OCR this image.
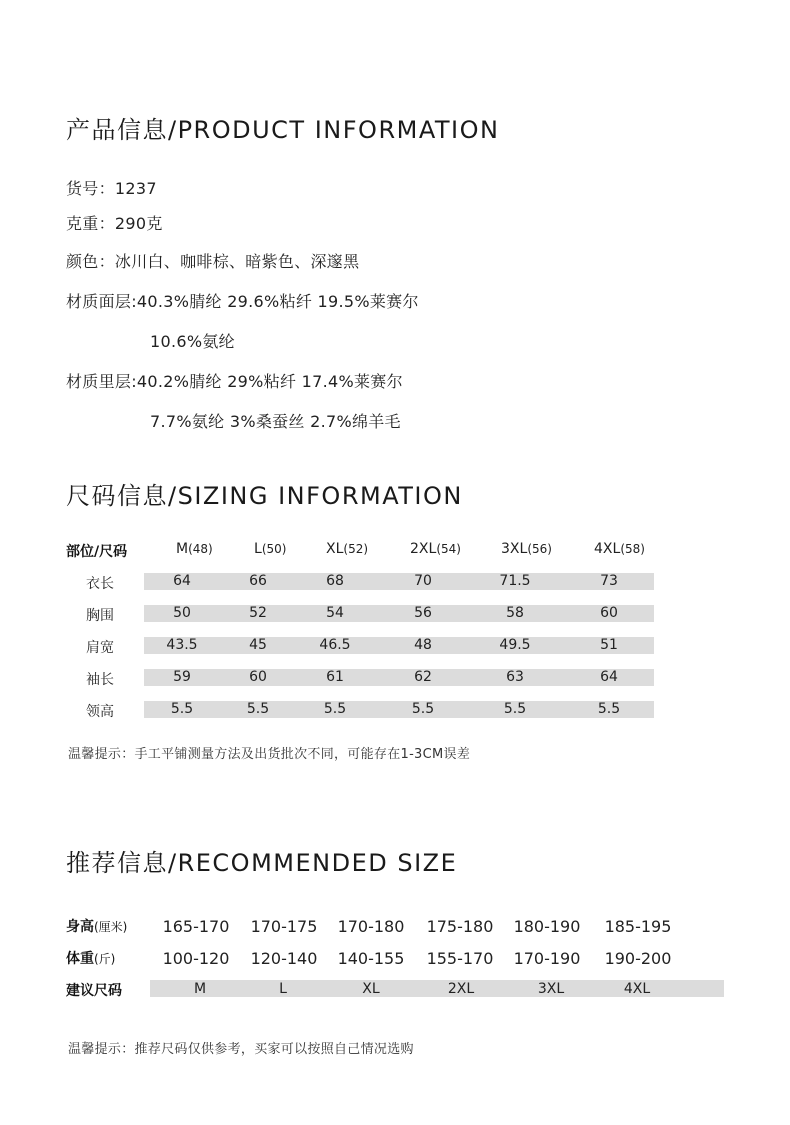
产品信息/PRODUCT INFORMATION
货号：1237
克重：290克
颜色：冰川白、咖啡棕、暗紫色、深邃黑
材质面层:40.3%腈纶 29.6%粘纤 19.5%莱赛尔
10.6%氨纶
材质里层:40.2%腈纶 29%粘纤 17.4%莱赛尔
7.7%氨纶 3%桑蚕丝 2.7%绵羊毛
尺码信息/SIZING INFORMATION
部位/尺码	M(48)	L(50)	XL(52)	2XL(54)	3XL(56)	4XL(58)
衣长	64	66	68	70	71.5	73
胸围	50	52	54	56	58	60
肩宽	43.5	45	46.5	48	49.5	51
袖长	59	60	61	62	63	64
领高	5.5	5.5	5.5	5.5	5.5	5.5
温馨提示：手工平铺测量方法及出货批次不同，可能存在1-3CM误差
推荐信息/RECOMMENDED SIZE
身高(厘米)	165-170	170-175	170-180	175-180	180-190	185-195
体重(斤)	100-120	120-140	140-155	155-170	170-190	190-200
建议尺码	M	L	XL	2XL	3XL	4XL
温馨提示：推荐尺码仅供参考，买家可以按照自己情况选购
